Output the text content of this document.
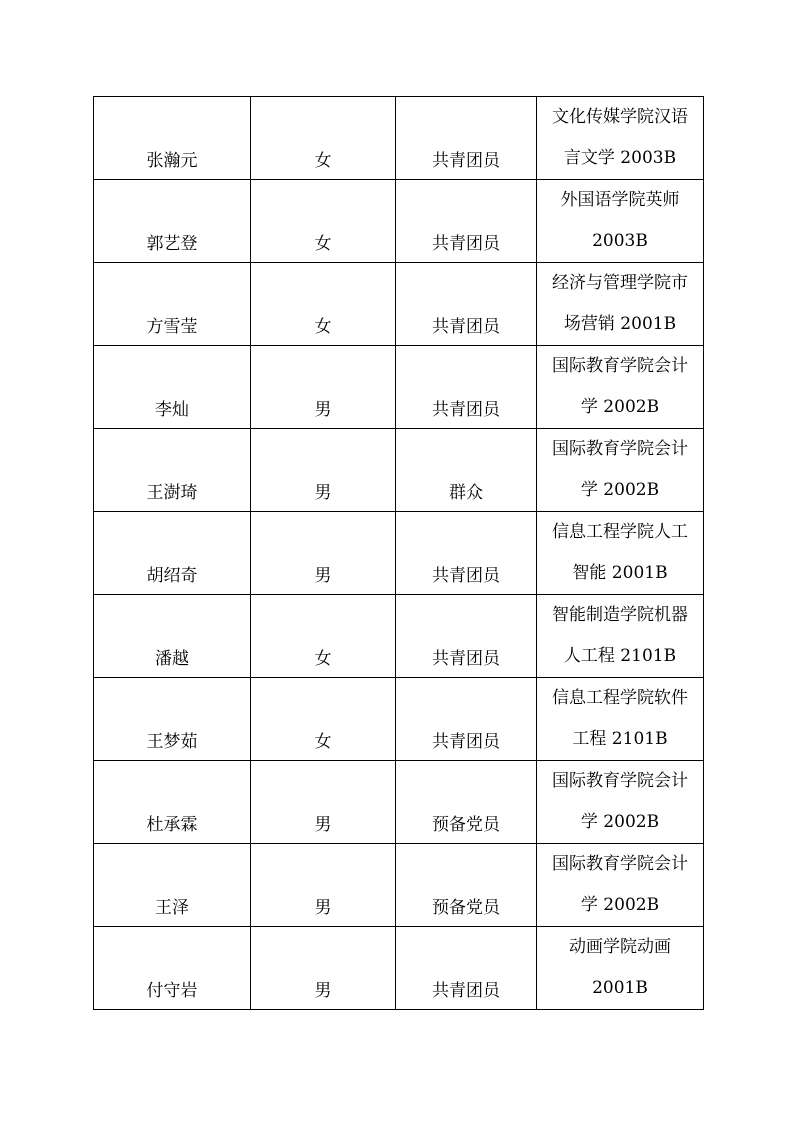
张瀚元	女	共青团员	文化传媒学院汉语
言文学 2003B

郭艺登	女	共青团员	外国语学院英师
2003B

方雪莹	女	共青团员	经济与管理学院市
场营销 2001B

李灿	男	共青团员	国际教育学院会计
学 2002B

王澍琦	男	群众	国际教育学院会计
学 2002B

胡绍奇	男	共青团员	信息工程学院人工
智能 2001B

潘越	女	共青团员	智能制造学院机器
人工程 2101B

王梦茹	女	共青团员	信息工程学院软件
工程 2101B

杜承霖	男	预备党员	国际教育学院会计
学 2002B

王泽	男	预备党员	国际教育学院会计
学 2002B

付守岩	男	共青团员	动画学院动画
2001B
